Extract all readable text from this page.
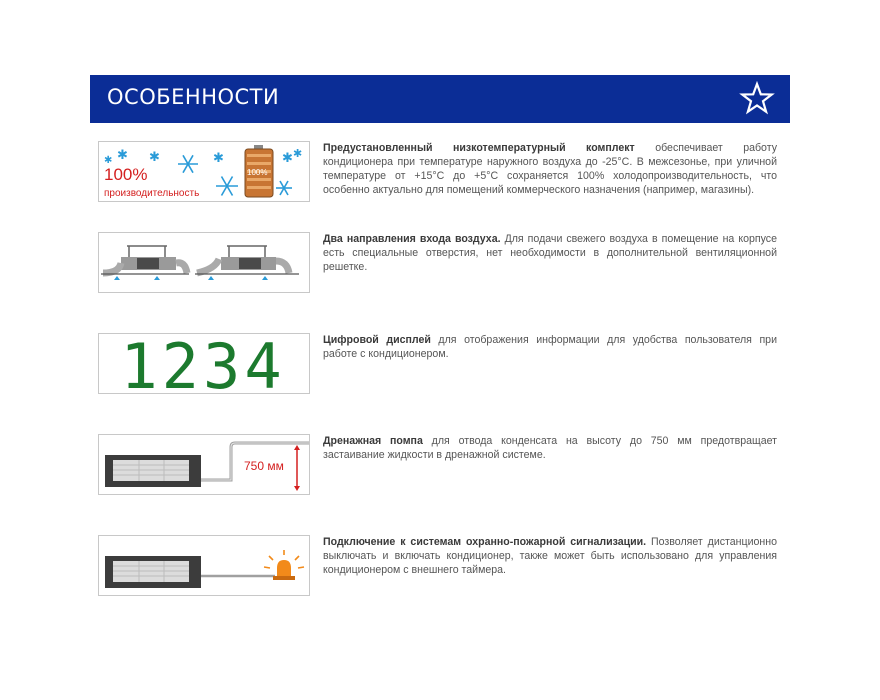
ОСОБЕННОСТИ
✱ ✱	✱	✱ ✱
✱
100%
производительность
100%
Предустановленный низкотемпературный комплект обеспечивает работу кондиционера при температуре наружного воздуха до -25°C. В межсезонье, при уличной температуре от +15°C до +5°C сохраняется 100% холодопроизводительность, что особенно актуально для помещений коммерческого назначения (например, магазины).
Два направления входа воздуха. Для подачи свежего воздуха в помещение на корпусе есть специальные отверстия, нет необходимости в дополнительной вентиляционной решетке.
1234	Цифровой дисплей для отображения информации для удобства пользователя при работе с кондиционером.
750 мм
Дренажная помпа для отвода конденсата на высоту до 750 мм предотвращает застаивание жидкости в дренажной системе.
Подключение к системам охранно-пожарной сигнализации. Позволяет дистанционно выключать и включать кондиционер, также может быть использовано для управления кондиционером с внешнего таймера.
